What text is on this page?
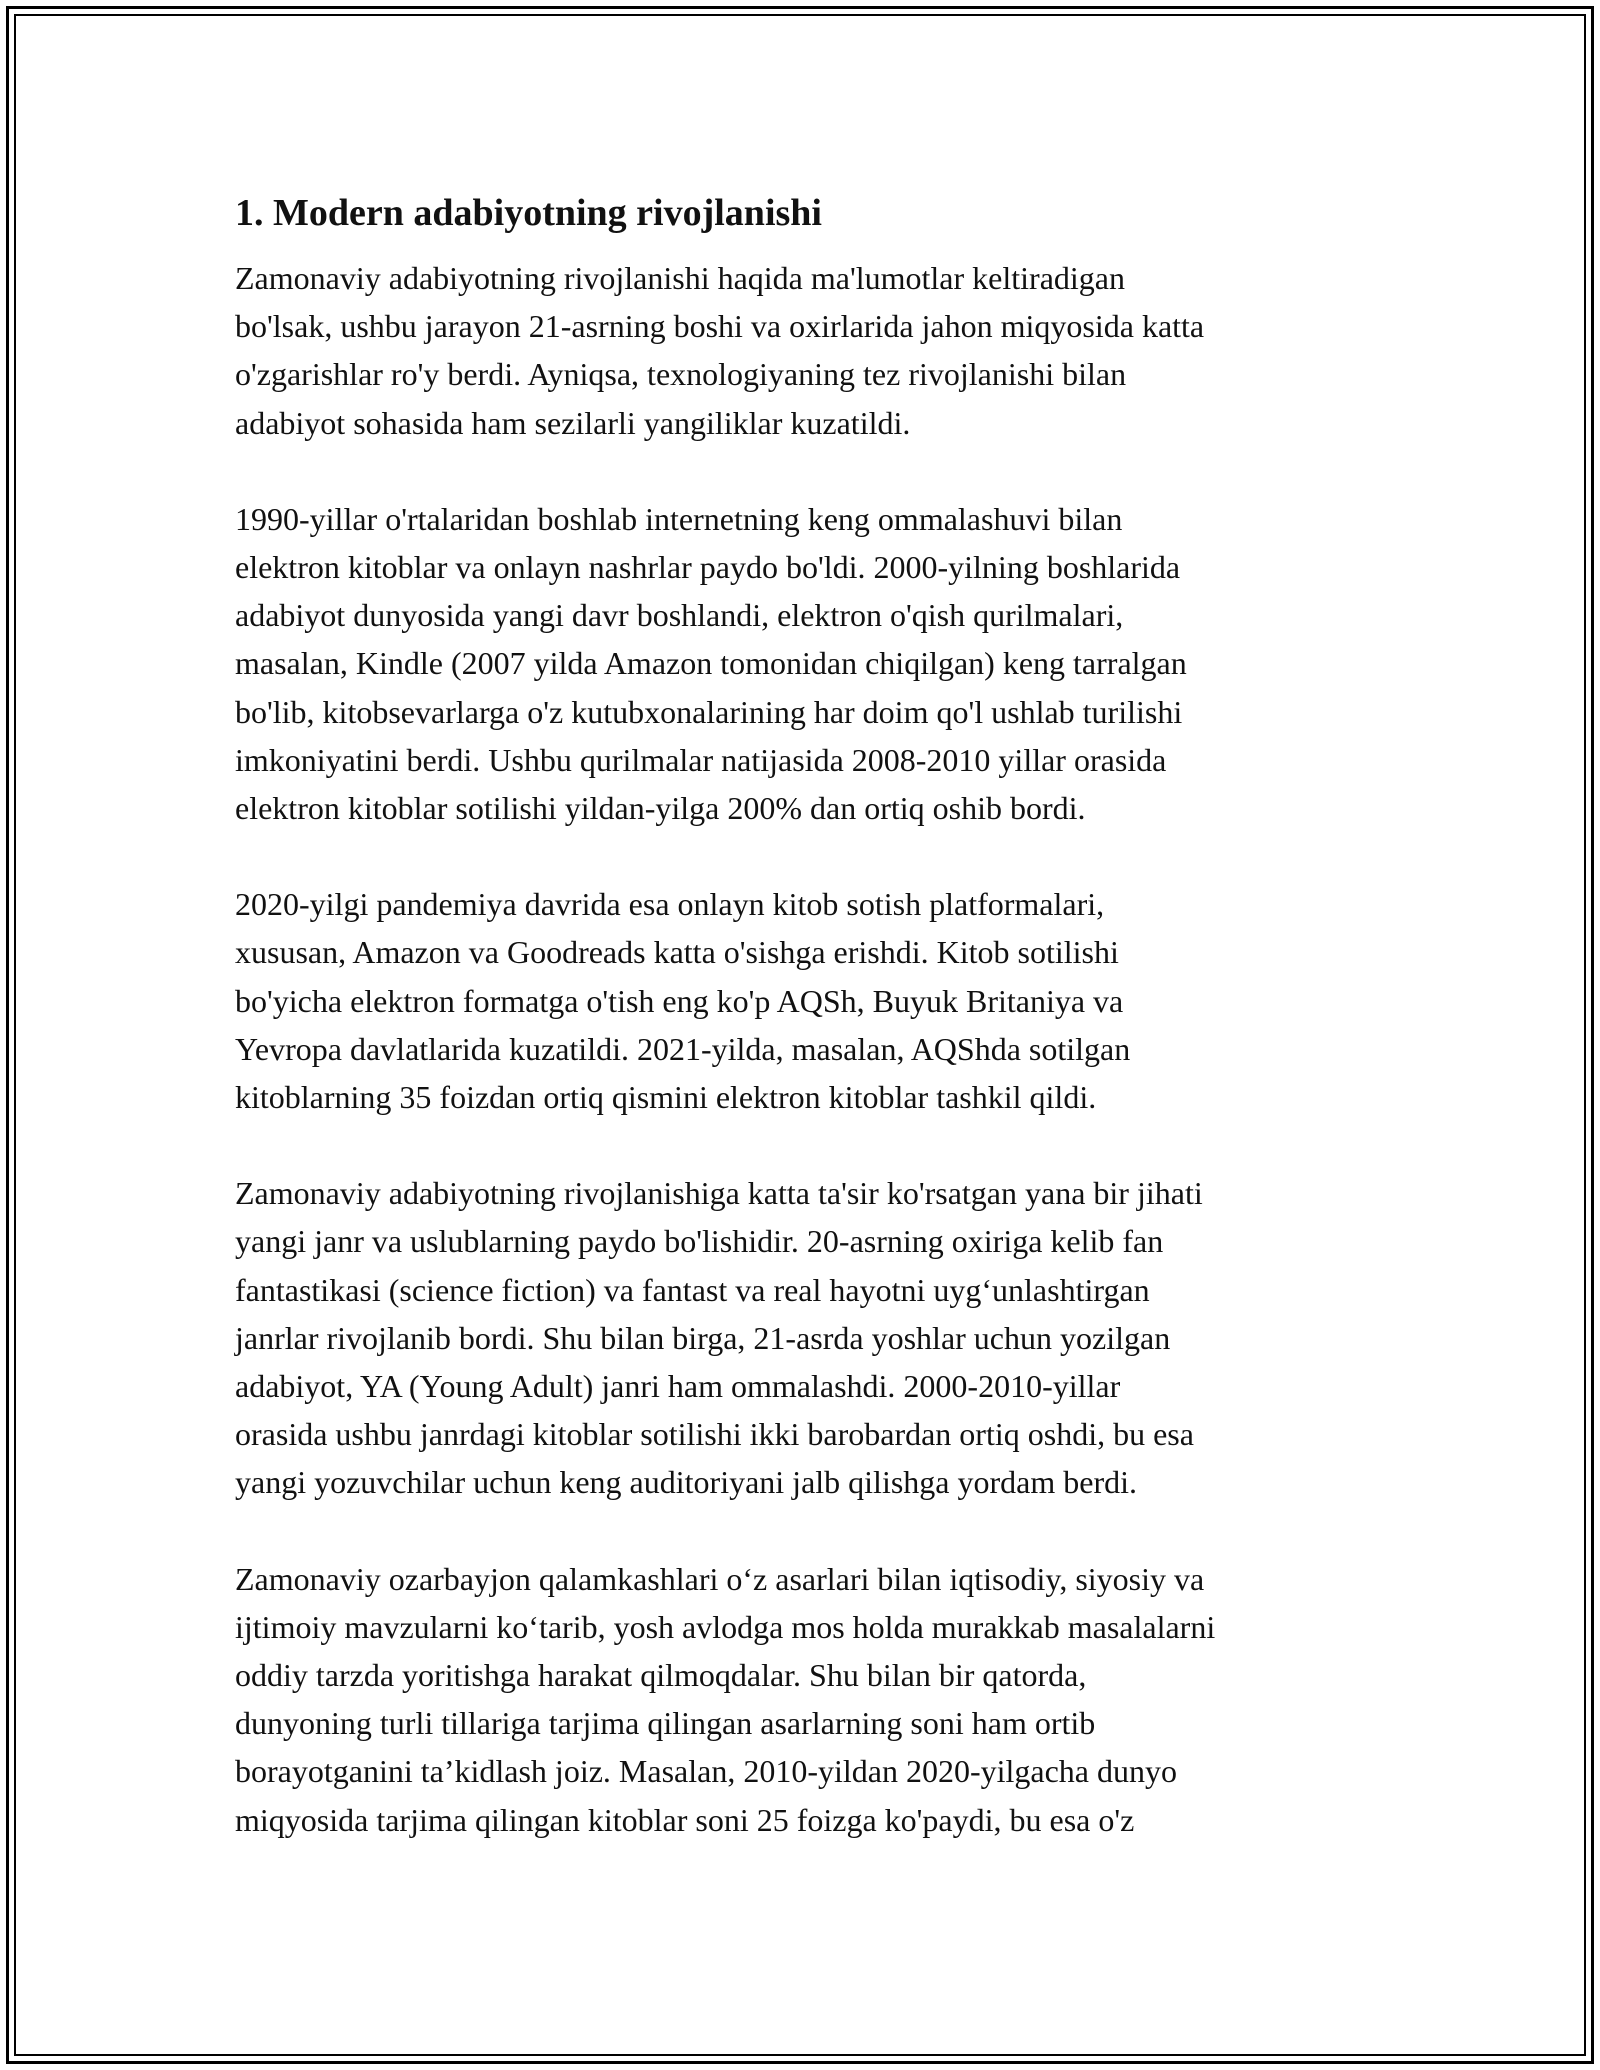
1. Modern adabiyotning rivojlanishi

Zamonaviy adabiyotning rivojlanishi haqida ma'lumotlar keltiradigan
bo'lsak, ushbu jarayon 21-asrning boshi va oxirlarida jahon miqyosida katta
o'zgarishlar ro'y berdi. Ayniqsa, texnologiyaning tez rivojlanishi bilan
adabiyot sohasida ham sezilarli yangiliklar kuzatildi.

1990-yillar o'rtalaridan boshlab internetning keng ommalashuvi bilan
elektron kitoblar va onlayn nashrlar paydo bo'ldi. 2000-yilning boshlarida
adabiyot dunyosida yangi davr boshlandi, elektron o'qish qurilmalari,
masalan, Kindle (2007 yilda Amazon tomonidan chiqilgan) keng tarralgan
bo'lib, kitobsevarlarga o'z kutubxonalarining har doim qo'l ushlab turilishi
imkoniyatini berdi. Ushbu qurilmalar natijasida 2008-2010 yillar orasida
elektron kitoblar sotilishi yildan-yilga 200% dan ortiq oshib bordi.

2020-yilgi pandemiya davrida esa onlayn kitob sotish platformalari,
xususan, Amazon va Goodreads katta o'sishga erishdi. Kitob sotilishi
bo'yicha elektron formatga o'tish eng ko'p AQSh, Buyuk Britaniya va
Yevropa davlatlarida kuzatildi. 2021-yilda, masalan, AQShda sotilgan
kitoblarning 35 foizdan ortiq qismini elektron kitoblar tashkil qildi.

Zamonaviy adabiyotning rivojlanishiga katta ta'sir ko'rsatgan yana bir jihati
yangi janr va uslublarning paydo bo'lishidir. 20-asrning oxiriga kelib fan
fantastikasi (science fiction) va fantast va real hayotni uyg‘unlashtirgan
janrlar rivojlanib bordi. Shu bilan birga, 21-asrda yoshlar uchun yozilgan
adabiyot, YA (Young Adult) janri ham ommalashdi. 2000-2010-yillar
orasida ushbu janrdagi kitoblar sotilishi ikki barobardan ortiq oshdi, bu esa
yangi yozuvchilar uchun keng auditoriyani jalb qilishga yordam berdi.

Zamonaviy ozarbayjon qalamkashlari o‘z asarlari bilan iqtisodiy, siyosiy va
ijtimoiy mavzularni ko‘tarib, yosh avlodga mos holda murakkab masalalarni
oddiy tarzda yoritishga harakat qilmoqdalar. Shu bilan bir qatorda,
dunyoning turli tillariga tarjima qilingan asarlarning soni ham ortib
borayotganini ta’kidlash joiz. Masalan, 2010-yildan 2020-yilgacha dunyo
miqyosida tarjima qilingan kitoblar soni 25 foizga ko'paydi, bu esa o'z
